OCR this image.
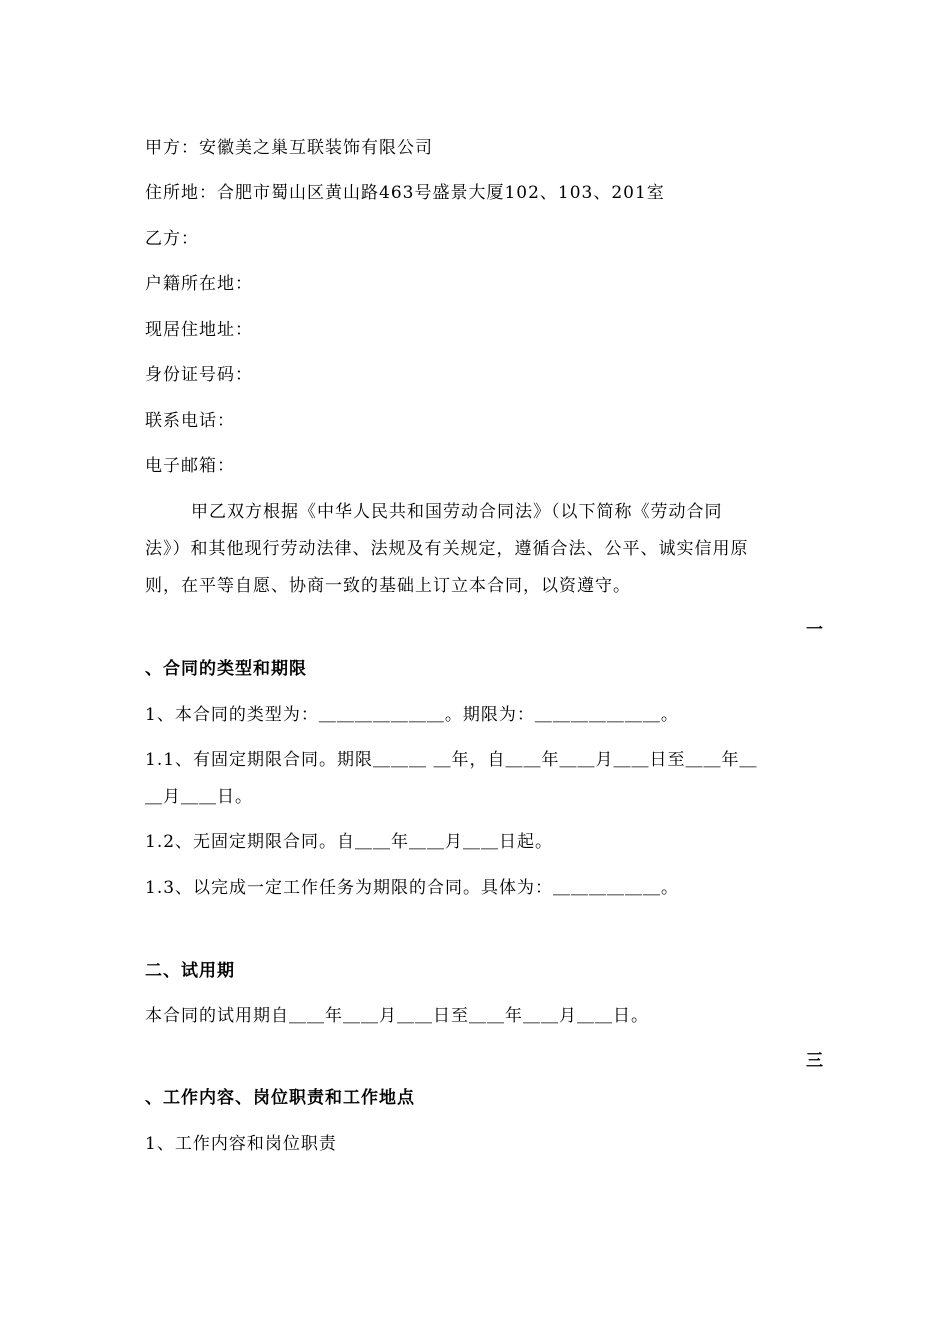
甲方：安徽美之巢互联装饰有限公司
住所地：合肥市蜀山区黄山路463号盛景大厦102、103、201室
乙方：
户籍所在地：
现居住地址：
身份证号码：
联系电话：
电子邮箱：
甲乙双方根据《中华人民共和国劳动合同法》（以下简称《劳动合同
法》）和其他现行劳动法律、法规及有关规定，遵循合法、公平、诚实信用原
则，在平等自愿、协商一致的基础上订立本合同，以资遵守。
一
、合同的类型和期限
1、本合同的类型为：＿＿＿＿＿＿＿。期限为：＿＿＿＿＿＿＿。
1.1、有固定期限合同。期限＿＿＿ ＿年，自＿＿年＿＿月＿＿日至＿＿年＿
＿月＿＿日。
1.2、无固定期限合同。自＿＿年＿＿月＿＿日起。
1.3、以完成一定工作任务为期限的合同。具体为：＿＿＿＿＿＿。
二、试用期
本合同的试用期自＿＿年＿＿月＿＿日至＿＿年＿＿月＿＿日。
三
、工作内容、岗位职责和工作地点
1、工作内容和岗位职责
